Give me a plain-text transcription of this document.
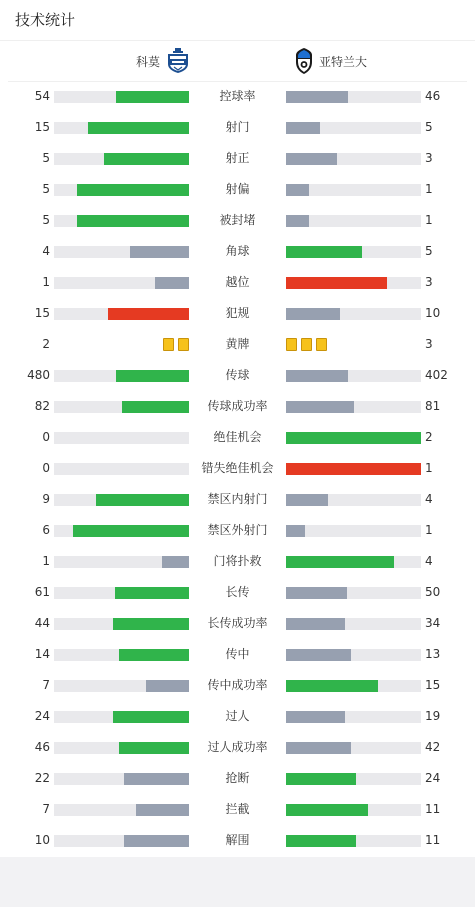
技术统计
科莫	亚特兰大
54	控球率	46
15	射门	5
5	射正	3
5	射偏	1
5	被封堵	1
4	角球	5
1	越位	3
15	犯规	10
2	黄牌	3
480	传球	402
82	传球成功率	81
0	绝佳机会	2
0	错失绝佳机会	1
9	禁区内射门	4
6	禁区外射门	1
1	门将扑救	4
61	长传	50
44	长传成功率	34
14	传中	13
7	传中成功率	15
24	过人	19
46	过人成功率	42
22	抢断	24
7	拦截	11
10	解围	11
